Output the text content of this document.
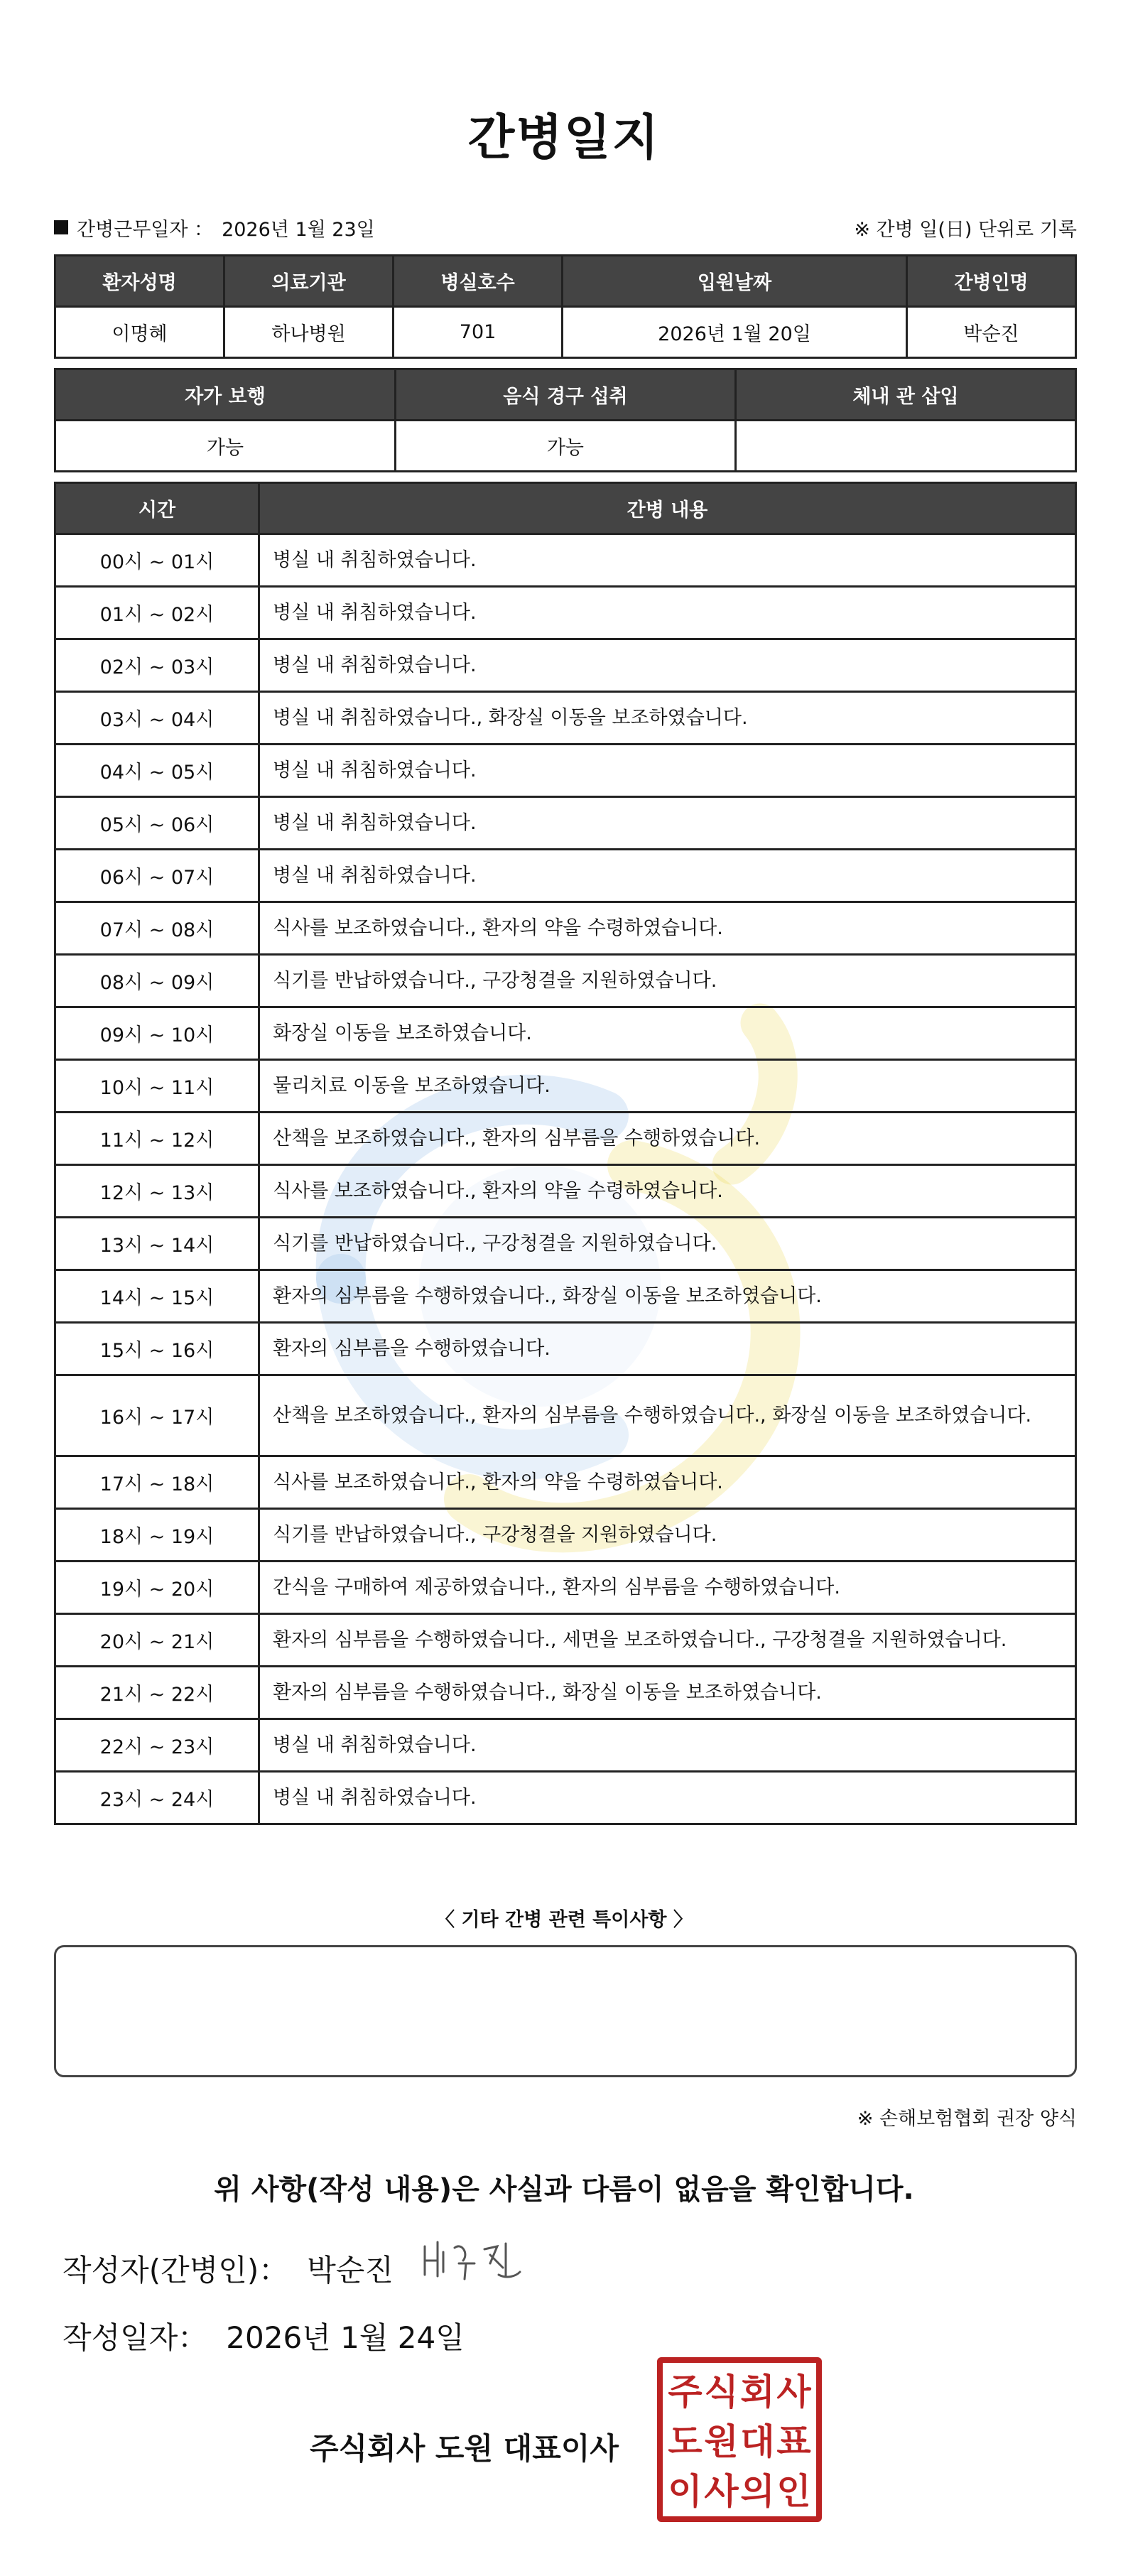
간병일지
간병근무일자 ： 2026년 1월 23일	※ 간병 일(日) 단위로 기록
환자성명	의료기관	병실호수	입원날짜	간병인명
이명혜	하나병원	701	2026년 1월 20일	박순진
자가 보행	음식 경구 섭취	체내 관 삽입
가능	가능	
시간	간병 내용
00시 ~ 01시	병실 내 취침하였습니다.
01시 ~ 02시	병실 내 취침하였습니다.
02시 ~ 03시	병실 내 취침하였습니다.
03시 ~ 04시	병실 내 취침하였습니다., 화장실 이동을 보조하였습니다.
04시 ~ 05시	병실 내 취침하였습니다.
05시 ~ 06시	병실 내 취침하였습니다.
06시 ~ 07시	병실 내 취침하였습니다.
07시 ~ 08시	식사를 보조하였습니다., 환자의 약을 수령하였습니다.
08시 ~ 09시	식기를 반납하였습니다., 구강청결을 지원하였습니다.
09시 ~ 10시	화장실 이동을 보조하였습니다.
10시 ~ 11시	물리치료 이동을 보조하였습니다.
11시 ~ 12시	산책을 보조하였습니다., 환자의 심부름을 수행하였습니다.
12시 ~ 13시	식사를 보조하였습니다., 환자의 약을 수령하였습니다.
13시 ~ 14시	식기를 반납하였습니다., 구강청결을 지원하였습니다.
14시 ~ 15시	환자의 심부름을 수행하였습니다., 화장실 이동을 보조하였습니다.
15시 ~ 16시	환자의 심부름을 수행하였습니다.
16시 ~ 17시	산책을 보조하였습니다., 환자의 심부름을 수행하였습니다., 화장실 이동을 보조하였습니다.
17시 ~ 18시	식사를 보조하였습니다., 환자의 약을 수령하였습니다.
18시 ~ 19시	식기를 반납하였습니다., 구강청결을 지원하였습니다.
19시 ~ 20시	간식을 구매하여 제공하였습니다., 환자의 심부름을 수행하였습니다.
20시 ~ 21시	환자의 심부름을 수행하였습니다., 세면을 보조하였습니다., 구강청결을 지원하였습니다.
21시 ~ 22시	환자의 심부름을 수행하였습니다., 화장실 이동을 보조하였습니다.
22시 ~ 23시	병실 내 취침하였습니다.
23시 ~ 24시	병실 내 취침하였습니다.
〈 기타 간병 관련 특이사항 〉
※ 손해보험협회 권장 양식
위 사항(작성 내용)은 사실과 다름이 없음을 확인합니다.
작성자(간병인)： 박순진
작성일자： 2026년 1월 24일
주식회사 도원 대표이사
주 식 회 사
도 원 대 표
이 사 의 인
